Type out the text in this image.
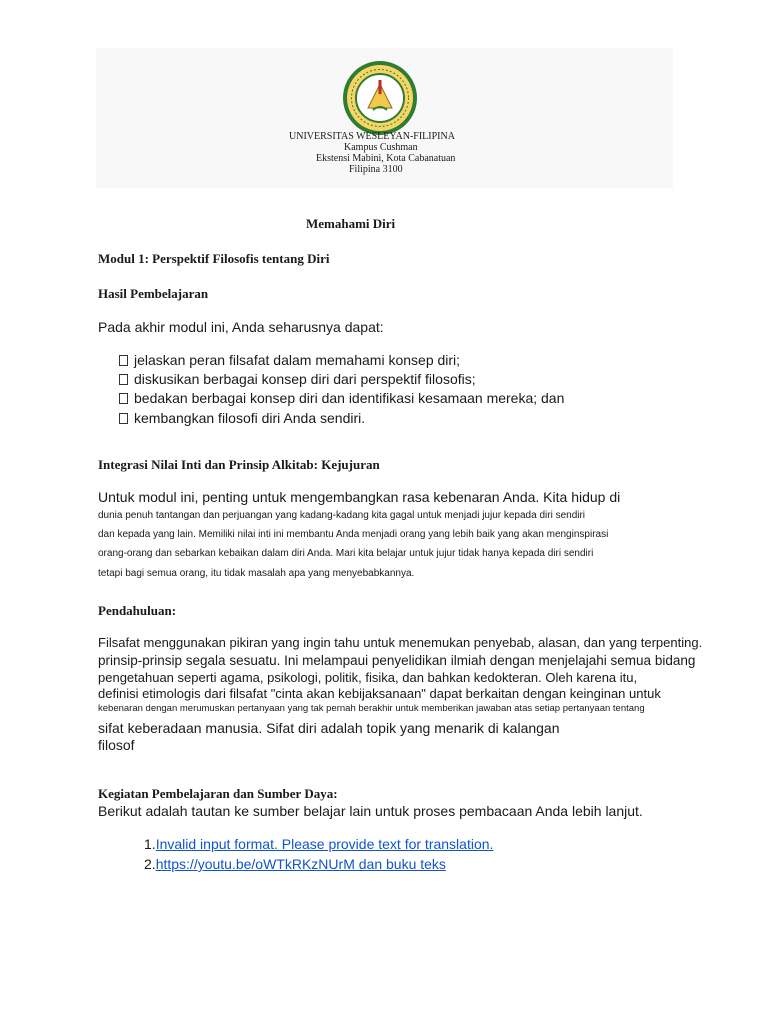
UNIVERSITAS WESLEYAN-FILIPINA
Kampus Cushman
Ekstensi Mabini, Kota Cabanatuan
Filipina 3100
Memahami Diri
Modul 1: Perspektif Filosofis tentang Diri
Hasil Pembelajaran
Pada akhir modul ini, Anda seharusnya dapat:
jelaskan peran filsafat dalam memahami konsep diri;
diskusikan berbagai konsep diri dari perspektif filosofis;
bedakan berbagai konsep diri dan identifikasi kesamaan mereka; dan
kembangkan filosofi diri Anda sendiri.
Integrasi Nilai Inti dan Prinsip Alkitab: Kejujuran
Untuk modul ini, penting untuk mengembangkan rasa kebenaran Anda. Kita hidup di
dunia penuh tantangan dan perjuangan yang kadang-kadang kita gagal untuk menjadi jujur kepada diri sendiri
dan kepada yang lain. Memiliki nilai inti ini membantu Anda menjadi orang yang lebih baik yang akan menginspirasi
orang-orang dan sebarkan kebaikan dalam diri Anda. Mari kita belajar untuk jujur tidak hanya kepada diri sendiri
tetapi bagi semua orang, itu tidak masalah apa yang menyebabkannya.
Pendahuluan:
Filsafat menggunakan pikiran yang ingin tahu untuk menemukan penyebab, alasan, dan yang terpenting.
prinsip-prinsip segala sesuatu. Ini melampaui penyelidikan ilmiah dengan menjelajahi semua bidang
pengetahuan seperti agama, psikologi, politik, fisika, dan bahkan kedokteran. Oleh karena itu,
definisi etimologis dari filsafat "cinta akan kebijaksanaan" dapat berkaitan dengan keinginan untuk
kebenaran dengan merumuskan pertanyaan yang tak pernah berakhir untuk memberikan jawaban atas setiap pertanyaan tentang
sifat keberadaan manusia. Sifat diri adalah topik yang menarik di kalangan
filosof
Kegiatan Pembelajaran dan Sumber Daya:
Berikut adalah tautan ke sumber belajar lain untuk proses pembacaan Anda lebih lanjut.
1.Invalid input format. Please provide text for translation.
2.https://youtu.be/oWTkRKzNUrM dan buku teks
